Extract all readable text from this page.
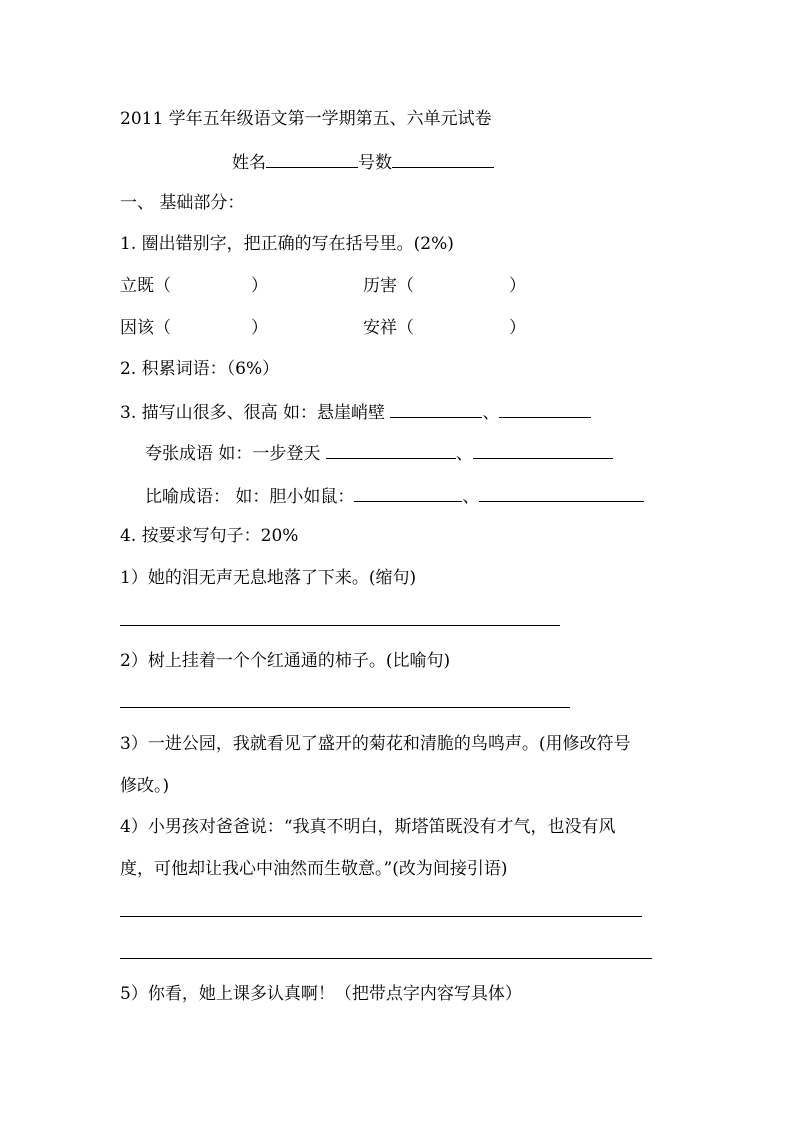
2011 学年五年级语文第一学期第五、六单元试卷
姓名	号数
一、 基础部分：
1. 圈出错别字，把正确的写在括号里。(2%)
立既（	）	历害（	）
因该（	）	安祥（	）
2. 积累词语：（6%）
3. 描写山很多、很高 如：悬崖峭壁	、
夸张成语 如：一步登天	、
比喻成语： 如：胆小如鼠：	、
4. 按要求写句子：20%
1）她的泪无声无息地落了下来。(缩句)
2）树上挂着一个个红通通的柿子。(比喻句)
3）一进公园，我就看见了盛开的菊花和清脆的鸟鸣声。(用修改符号
修改。)
4）小男孩对爸爸说：“我真不明白，斯塔笛既没有才气，也没有风
度，可他却让我心中油然而生敬意。”(改为间接引语)
5）你看，她上课多认真啊！（把带点字内容写具体）
